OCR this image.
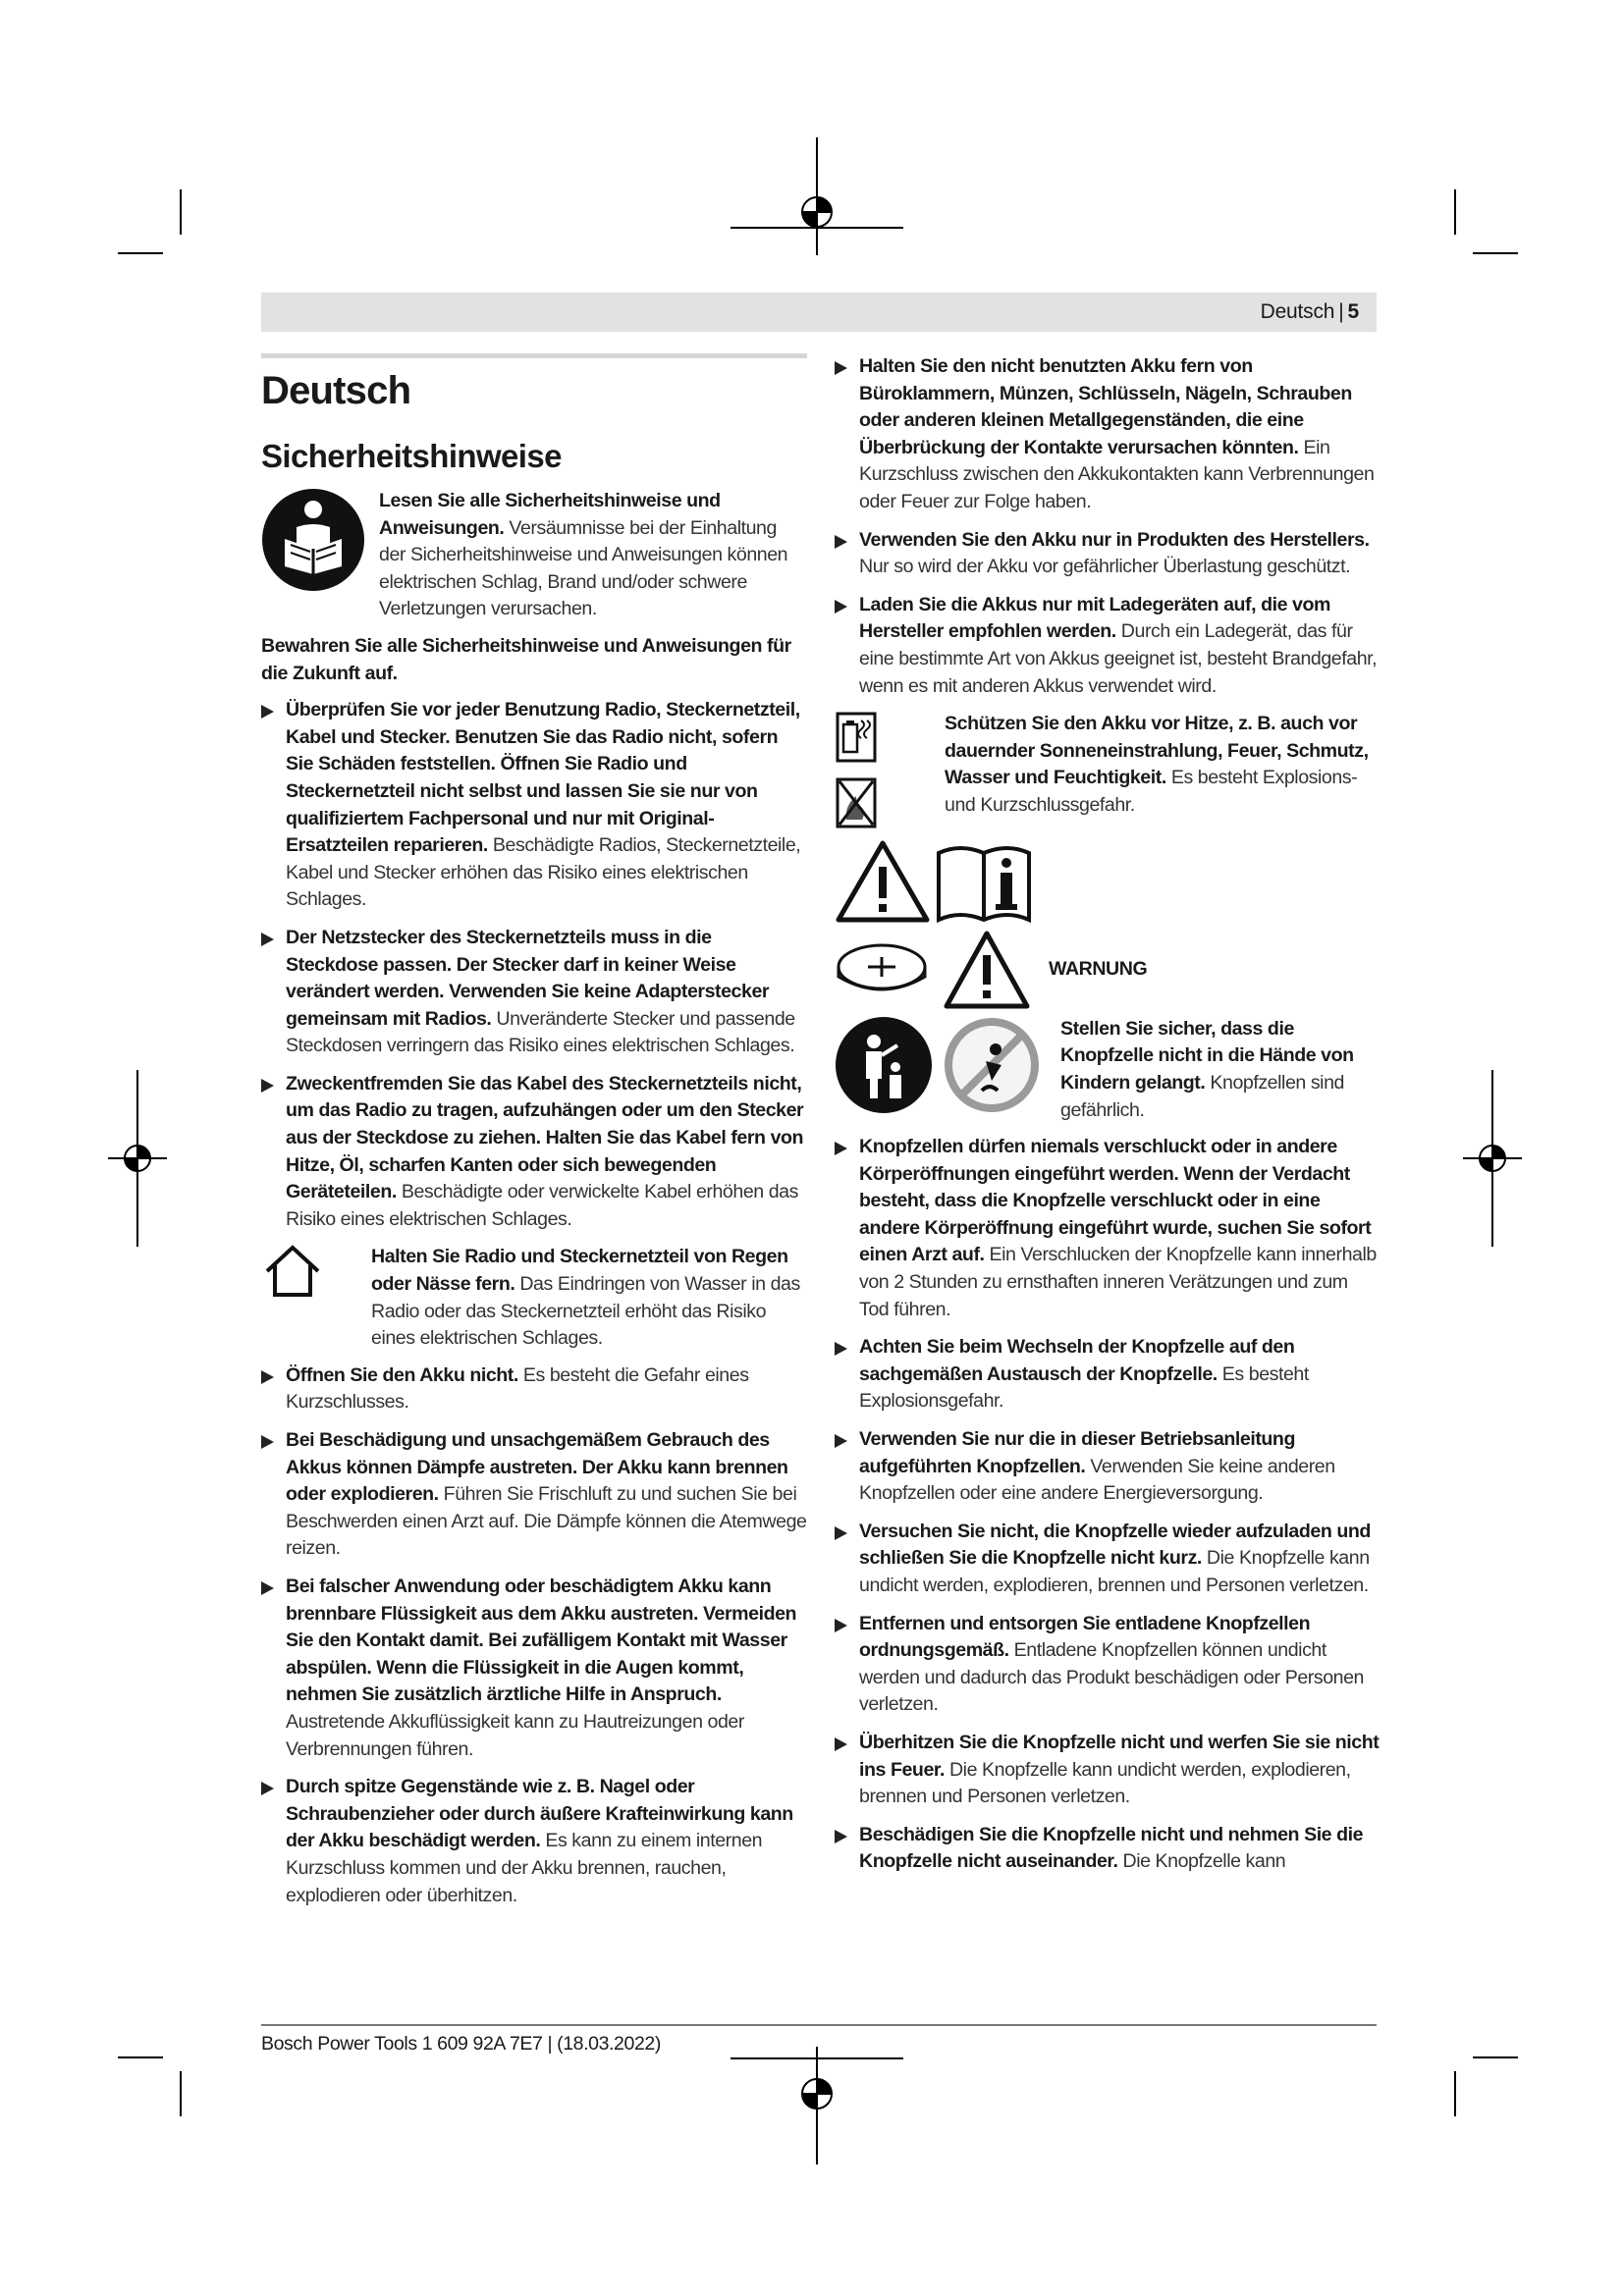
Deutsch | 5
Deutsch
Sicherheitshinweise

Lesen Sie alle Sicherheitshinweise und Anweisungen. Versäumnisse bei der Einhaltung der Sicherheitshinweise und Anweisungen können elektrischen Schlag, Brand und/oder schwere Verletzungen verursachen.

Bewahren Sie alle Sicherheitshinweise und Anweisungen für die Zukunft auf.

Überprüfen Sie vor jeder Benutzung Radio, Steckernetzteil, Kabel und Stecker. Benutzen Sie das Radio nicht, sofern Sie Schäden feststellen. Öffnen Sie Radio und Steckernetzteil nicht selbst und lassen Sie sie nur von qualifiziertem Fachpersonal und nur mit Original-Ersatzteilen reparieren. Beschädigte Radios, Steckernetzteile, Kabel und Stecker erhöhen das Risiko eines elektrischen Schlages.
Der Netzstecker des Steckernetzteils muss in die Steckdose passen. Der Stecker darf in keiner Weise verändert werden. Verwenden Sie keine Adapterstecker gemeinsam mit Radios. Unveränderte Stecker und passende Steckdosen verringern das Risiko eines elektrischen Schlages.
Zweckentfremden Sie das Kabel des Steckernetzteils nicht, um das Radio zu tragen, aufzuhängen oder um den Stecker aus der Steckdose zu ziehen. Halten Sie das Kabel fern von Hitze, Öl, scharfen Kanten oder sich bewegenden Geräteteilen. Beschädigte oder verwickelte Kabel erhöhen das Risiko eines elektrischen Schlages.

Halten Sie Radio und Steckernetzteil von Regen oder Nässe fern. Das Eindringen von Wasser in das Radio oder das Steckernetzteil erhöht das Risiko eines elektrischen Schlages.

Öffnen Sie den Akku nicht. Es besteht die Gefahr eines Kurzschlusses.
Bei Beschädigung und unsachgemäßem Gebrauch des Akkus können Dämpfe austreten. Der Akku kann brennen oder explodieren. Führen Sie Frischluft zu und suchen Sie bei Beschwerden einen Arzt auf. Die Dämpfe können die Atemwege reizen.
Bei falscher Anwendung oder beschädigtem Akku kann brennbare Flüssigkeit aus dem Akku austreten. Vermeiden Sie den Kontakt damit. Bei zufälligem Kontakt mit Wasser abspülen. Wenn die Flüssigkeit in die Augen kommt, nehmen Sie zusätzlich ärztliche Hilfe in Anspruch. Austretende Akkuflüssigkeit kann zu Hautreizungen oder Verbrennungen führen.
Durch spitze Gegenstände wie z. B. Nagel oder Schraubenzieher oder durch äußere Krafteinwirkung kann der Akku beschädigt werden. Es kann zu einem internen Kurzschluss kommen und der Akku brennen, rauchen, explodieren oder überhitzen.
Halten Sie den nicht benutzten Akku fern von Büroklammern, Münzen, Schlüsseln, Nägeln, Schrauben oder anderen kleinen Metallgegenständen, die eine Überbrückung der Kontakte verursachen könnten. Ein Kurzschluss zwischen den Akkukontakten kann Verbrennungen oder Feuer zur Folge haben.
Verwenden Sie den Akku nur in Produkten des Herstellers. Nur so wird der Akku vor gefährlicher Überlastung geschützt.
Laden Sie die Akkus nur mit Ladegeräten auf, die vom Hersteller empfohlen werden. Durch ein Ladegerät, das für eine bestimmte Art von Akkus geeignet ist, besteht Brandgefahr, wenn es mit anderen Akkus verwendet wird.

Schützen Sie den Akku vor Hitze, z. B. auch vor dauernder Sonneneinstrahlung, Feuer, Schmutz, Wasser und Feuchtigkeit. Es besteht Explosions- und Kurzschlussgefahr.

WARNUNG

Stellen Sie sicher, dass die Knopfzelle nicht in die Hände von Kindern gelangt. Knopfzellen sind gefährlich.

Knopfzellen dürfen niemals verschluckt oder in andere Körperöffnungen eingeführt werden. Wenn der Verdacht besteht, dass die Knopfzelle verschluckt oder in eine andere Körperöffnung eingeführt wurde, suchen Sie sofort einen Arzt auf. Ein Verschlucken der Knopfzelle kann innerhalb von 2 Stunden zu ernsthaften inneren Verätzungen und zum Tod führen.
Achten Sie beim Wechseln der Knopfzelle auf den sachgemäßen Austausch der Knopfzelle. Es besteht Explosionsgefahr.
Verwenden Sie nur die in dieser Betriebsanleitung aufgeführten Knopfzellen. Verwenden Sie keine anderen Knopfzellen oder eine andere Energieversorgung.
Versuchen Sie nicht, die Knopfzelle wieder aufzuladen und schließen Sie die Knopfzelle nicht kurz. Die Knopfzelle kann undicht werden, explodieren, brennen und Personen verletzen.
Entfernen und entsorgen Sie entladene Knopfzellen ordnungsgemäß. Entladene Knopfzellen können undicht werden und dadurch das Produkt beschädigen oder Personen verletzen.
Überhitzen Sie die Knopfzelle nicht und werfen Sie sie nicht ins Feuer. Die Knopfzelle kann undicht werden, explodieren, brennen und Personen verletzen.
Beschädigen Sie die Knopfzelle nicht und nehmen Sie die Knopfzelle nicht auseinander. Die Knopfzelle kann
Bosch Power Tools 1 609 92A 7E7 | (18.03.2022)
